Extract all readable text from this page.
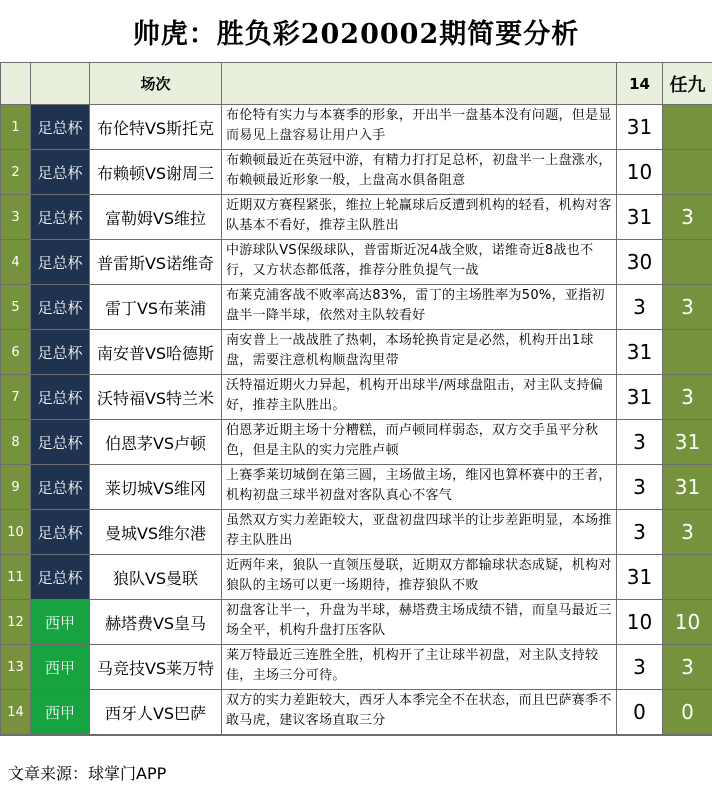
帅虎：胜负彩2020002期简要分析
		场次		14	任九
1	足总杯	布伦特VS斯托克	布伦特有实力与本赛季的形象，开出半一盘基本没有问题，但是显而易见上盘容易让用户入手	31	
2	足总杯	布赖顿VS谢周三	布赖顿最近在英冠中游，有精力打打足总杯，初盘半一上盘涨水，布赖顿最近形象一般，上盘高水俱备阻意	10	
3	足总杯	富勒姆VS维拉	近期双方赛程紧张，维拉上轮赢球后反遭到机构的轻看，机构对客队基本不看好，推荐主队胜出	31	3
4	足总杯	普雷斯VS诺维奇	中游球队VS保级球队，普雷斯近况4战全败，诺维奇近8战也不行，又方状态都低落，推荐分胜负提气一战	30	
5	足总杯	雷丁VS布莱浦	布莱克浦客战不败率高达83%，雷丁的主场胜率为50%，亚指初盘半一降半球，依然对主队较看好	3	3
6	足总杯	南安普VS哈德斯	南安普上一战战胜了热刺，本场轮换肯定是必然，机构开出1球盘，需要注意机构顺盘沟里带	31	
7	足总杯	沃特福VS特兰米	沃特福近期火力异起，机构开出球半/两球盘阻击，对主队支持偏好，推荐主队胜出。	31	3
8	足总杯	伯恩茅VS卢顿	伯恩茅近期主场十分糟糕，而卢顿同样弱态，双方交手虽平分秋色，但是主队的实力完胜卢顿	3	31
9	足总杯	莱切城VS维冈	上赛季莱切城倒在第三圆，主场做主场，维冈也算杯赛中的王者，机构初盘三球半初盘对客队真心不客气	3	31
10	足总杯	曼城VS维尔港	虽然双方实力差距较大，亚盘初盘四球半的让步差距明显，本场推荐主队胜出	3	3
11	足总杯	狼队VS曼联	近两年来，狼队一直领压曼联，近期双方都输球状态成疑，机构对狼队的主场可以更一场期待，推荐狼队不败	31	
12	西甲	赫塔费VS皇马	初盘客让半一，升盘为半球，赫塔费主场成绩不错，而皇马最近三场全平，机构升盘打压客队	10	10
13	西甲	马竞技VS莱万特	莱万特最近三连胜全胜，机构开了主让球半初盘，对主队支持较佳，主场三分可待。	3	3
14	西甲	西牙人VS巴萨	双方的实力差距较大，西牙人本季完全不在状态，而且巴萨赛季不敢马虎，建议客场直取三分	0	0
文章来源：球掌门APP
